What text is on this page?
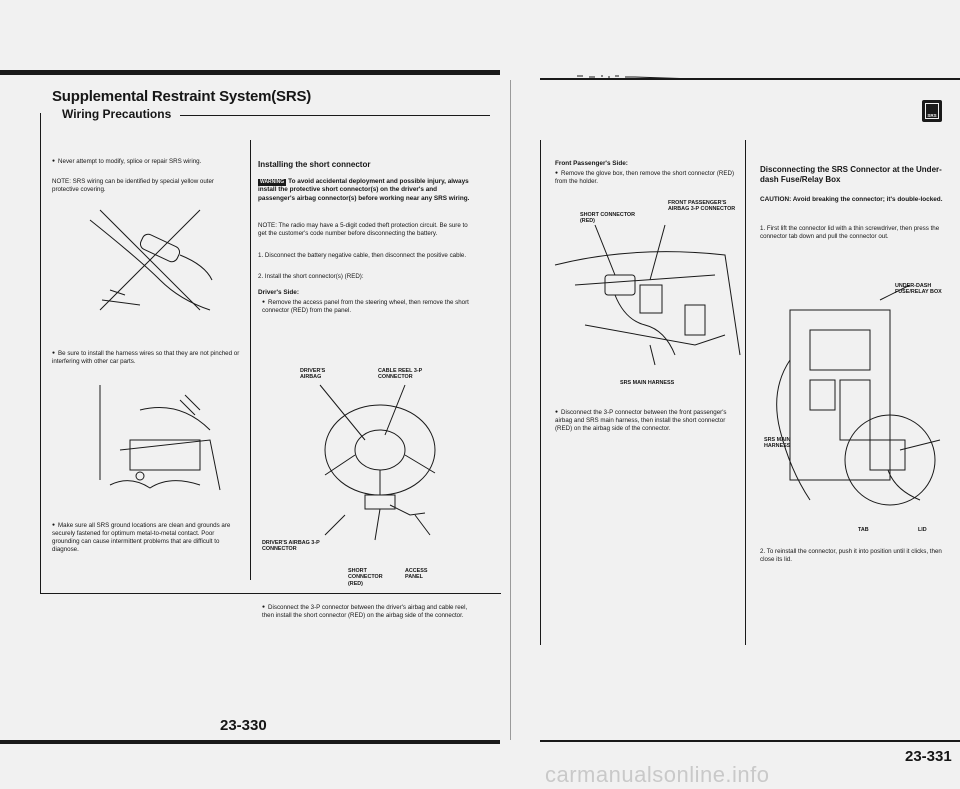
Supplemental Restraint System(SRS)
Wiring Precautions
● Never attempt to modify, splice or repair SRS wiring.
NOTE: SRS wiring can be identified by special yellow outer protective covering.
● Be sure to install the harness wires so that they are not pinched or interfering with other car parts.
● Make sure all SRS ground locations are clean and grounds are securely fastened for optimum metal-to-metal contact. Poor grounding can cause intermittent problems that are difficult to diagnose.
Installing the short connector
WARNING To avoid accidental deployment and possible injury, always install the protective short connector(s) on the driver's and passenger's airbag connector(s) before working near any SRS wiring.
NOTE: The radio may have a 5-digit coded theft protection circuit. Be sure to get the customer's code number before disconnecting the battery.
1. Disconnect the battery negative cable, then disconnect the positive cable.
2. Install the short connector(s) (RED):
Driver's Side:
● Remove the access panel from the steering wheel, then remove the short connector (RED) from the panel.
DRIVER'S AIRBAG
CABLE REEL 3-P CONNECTOR
DRIVER'S AIRBAG 3-P CONNECTOR
SHORT CONNECTOR (RED)
ACCESS PANEL
● Disconnect the 3-P connector between the driver's airbag and cable reel, then install the short connector (RED) on the airbag side of the connector.
23-330
SRS
Front Passenger's Side:
● Remove the glove box, then remove the short connector (RED) from the holder.
FRONT PASSENGER'S AIRBAG 3-P CONNECTOR
SHORT CONNECTOR (RED)
SRS MAIN HARNESS
● Disconnect the 3-P connector between the front passenger's airbag and SRS main harness, then install the short connector (RED) on the airbag side of the connector.
Disconnecting the SRS Connector at the Under-dash Fuse/Relay Box
CAUTION: Avoid breaking the connector; it's double-locked.
1. First lift the connector lid with a thin screwdriver, then press the connector tab down and pull the connector out.
UNDER-DASH FUSE/RELAY BOX
SRS MAIN HARNESS
TAB	LID
2. To reinstall the connector, push it into position until it clicks, then close its lid.
23-331
carmanualsonline.info
